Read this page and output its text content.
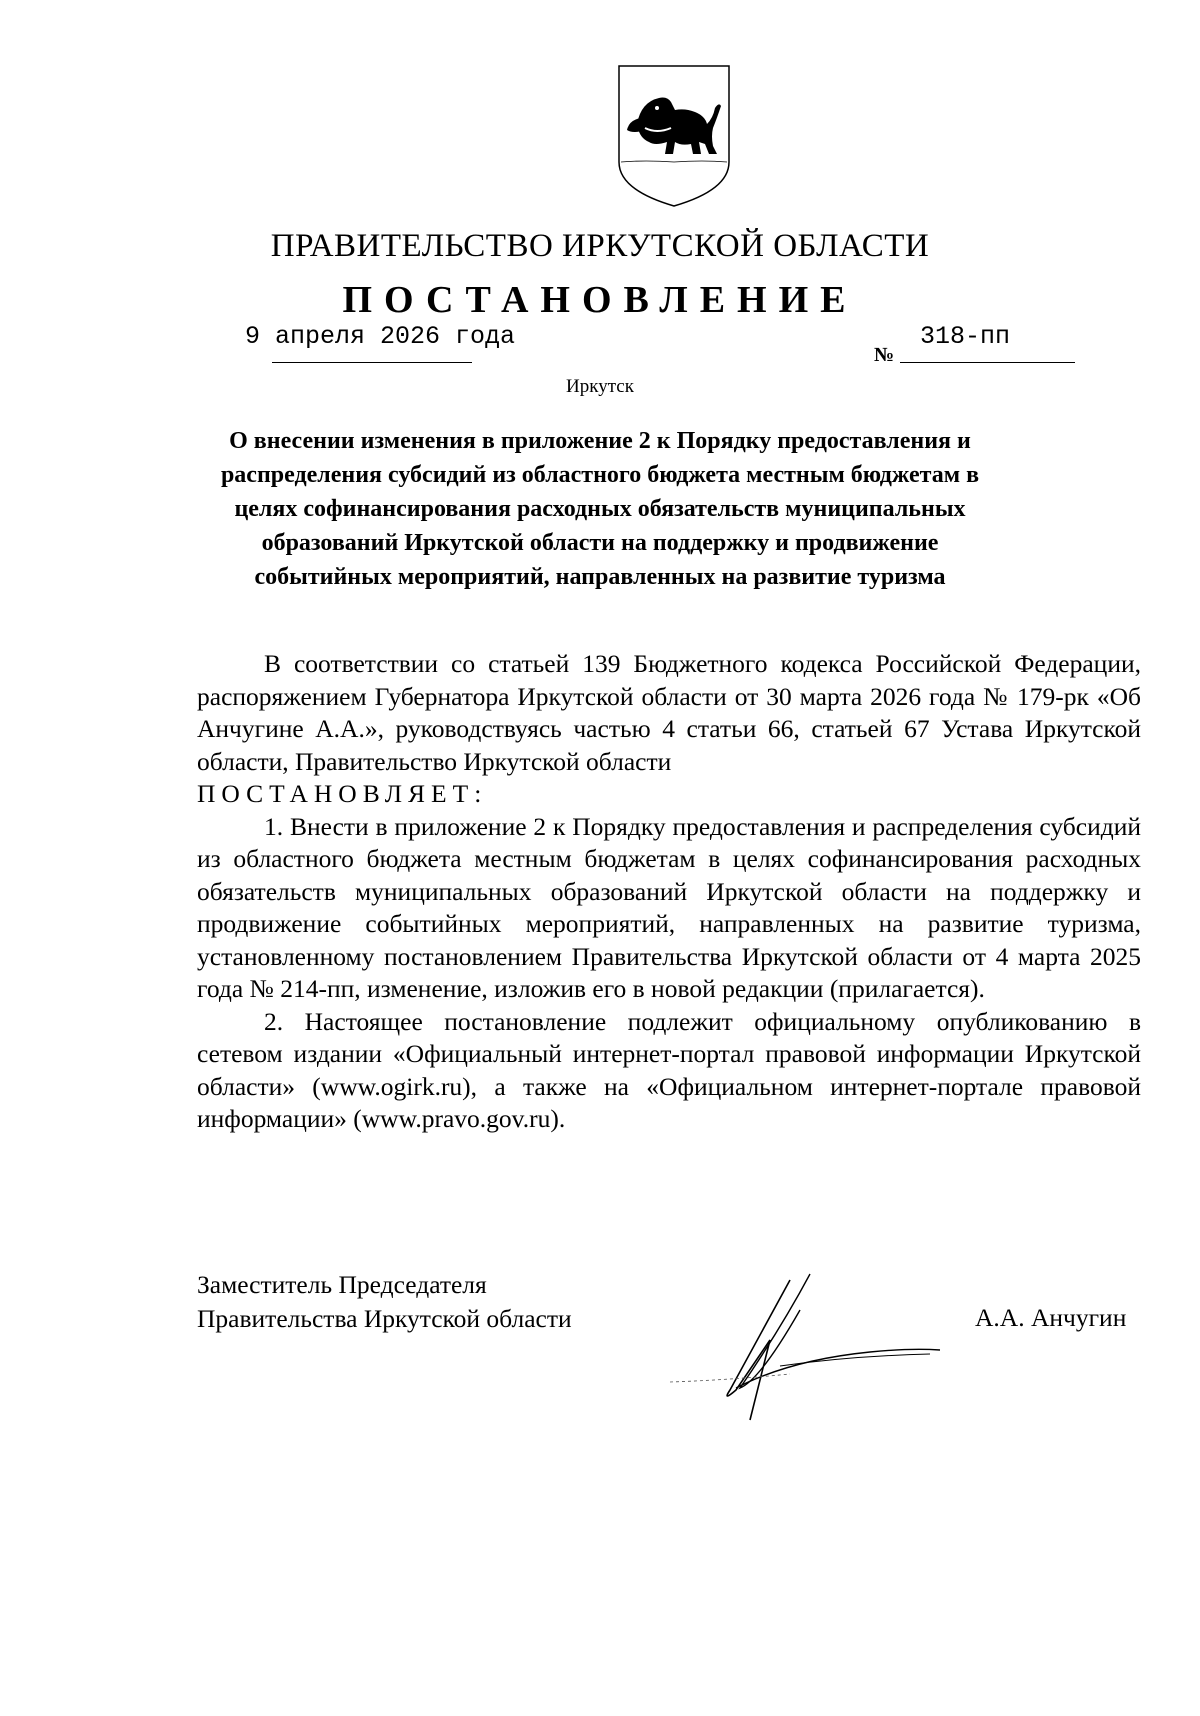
ПРАВИТЕЛЬСТВО ИРКУТСКОЙ ОБЛАСТИ
ПОСТАНОВЛЕНИЕ
9 апреля 2026 года
№
318-пп
Иркутск
О внесении изменения в приложение 2 к Порядку предоставления и распределения субсидий из областного бюджета местным бюджетам в целях софинансирования расходных обязательств муниципальных образований Иркутской области на поддержку и продвижение событийных мероприятий, направленных на развитие туризма

В соответствии со статьей 139 Бюджетного кодекса Российской Федерации, распоряжением Губернатора Иркутской области от 30 марта 2026 года № 179-рк «Об Анчугине А.А.», руководствуясь частью 4 статьи 66, статьей 67 Устава Иркутской области, Правительство Иркутской области

ПОСТАНОВЛЯЕТ:

1. Внести в приложение 2 к Порядку предоставления и распределения субсидий из областного бюджета местным бюджетам в целях софинансирования расходных обязательств муниципальных образований Иркутской области на поддержку и продвижение событийных мероприятий, направленных на развитие туризма, установленному постановлением Правительства Иркутской области от 4 марта 2025 года № 214-пп, изменение, изложив его в новой редакции (прилагается).

2. Настоящее постановление подлежит официальному опубликованию в сетевом издании «Официальный интернет-портал правовой информации Иркутской области» (www.ogirk.ru), а также на «Официальном интернет-портале правовой информации» (www.pravo.gov.ru).

Заместитель Председателя
Правительства Иркутской области	А.А. Анчугин
